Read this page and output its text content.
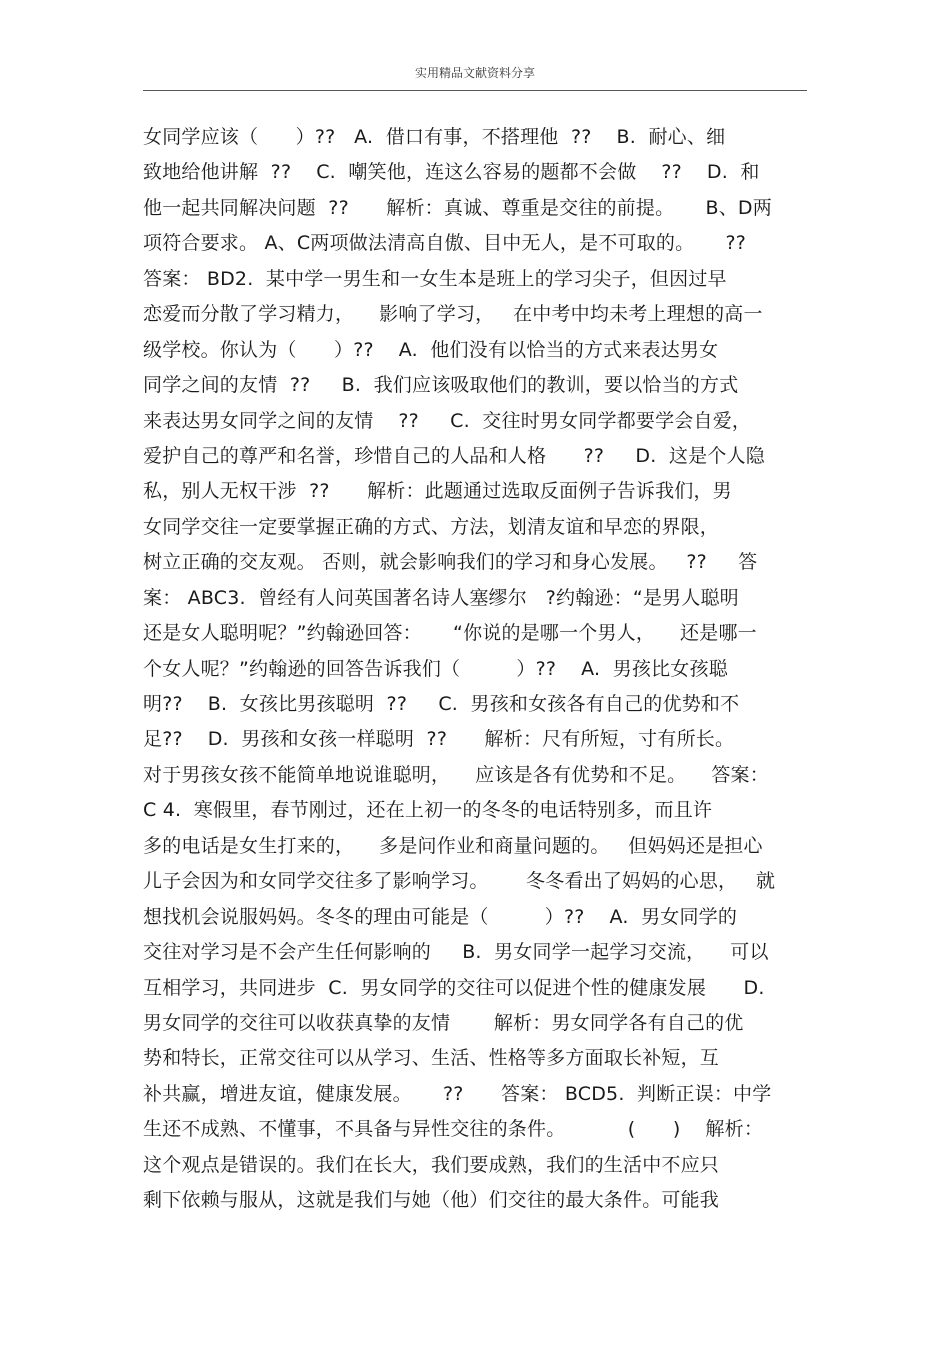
实用精品文献资料分享
女同学应该（      ）??   A.  借口有事，不搭理他  ??    B.  耐心、细
致地给他讲解  ??    C.  嘲笑他，连这么容易的题都不会做    ??    D.  和
他一起共同解决问题  ??      解析：真诚、尊重是交往的前提。     B、D两
项符合要求。 A、C两项做法清高自傲、目中无人，是不可取的。     ??
答案： BD2.  某中学一男生和一女生本是班上的学习尖子，但因过早
恋爱而分散了学习精力，    影响了学习，   在中考中均未考上理想的高一
级学校。你认为（      ）??    A.  他们没有以恰当的方式来表达男女
同学之间的友情  ??     B.  我们应该吸取他们的教训，要以恰当的方式
来表达男女同学之间的友情    ??     C.  交往时男女同学都要学会自爱，
爱护自己的尊严和名誉，珍惜自己的人品和人格      ??     D.  这是个人隐
私，别人无权干涉  ??      解析：此题通过选取反面例子告诉我们，男
女同学交往一定要掌握正确的方式、方法，划清友谊和早恋的界限，
树立正确的交友观。 否则，就会影响我们的学习和身心发展。   ??     答
案： ABC3.  曾经有人问英国著名诗人塞缪尔   ?约翰逊：“是男人聪明
还是女人聪明呢？”约翰逊回答：     “你说的是哪一个男人，    还是哪一
个女人呢？”约翰逊的回答告诉我们（         ）??    A.  男孩比女孩聪
明??    B.  女孩比男孩聪明  ??     C.  男孩和女孩各有自己的优势和不
足??    D.  男孩和女孩一样聪明  ??      解析：尺有所短，寸有所长。
对于男孩女孩不能简单地说谁聪明，    应该是各有优势和不足。    答案：
C 4.  寒假里，春节刚过，还在上初一的冬冬的电话特别多，而且许
多的电话是女生打来的，    多是问作业和商量问题的。   但妈妈还是担心
儿子会因为和女同学交往多了影响学习。      冬冬看出了妈妈的心思，   就
想找机会说服妈妈。冬冬的理由可能是（         ）??    A.  男女同学的
交往对学习是不会产生任何影响的     B.  男女同学一起学习交流，    可以
互相学习，共同进步  C.  男女同学的交往可以促进个性的健康发展      D.
男女同学的交往可以收获真挚的友情       解析：男女同学各有自己的优
势和特长，正常交往可以从学习、生活、性格等多方面取长补短，互
补共赢，增进友谊，健康发展。     ??      答案： BCD5.  判断正误：中学
生还不成熟、不懂事，不具备与异性交往的条件。          (      )    解析：
这个观点是错误的。我们在长大，我们要成熟，我们的生活中不应只
剩下依赖与服从，这就是我们与她（他）们交往的最大条件。可能我
